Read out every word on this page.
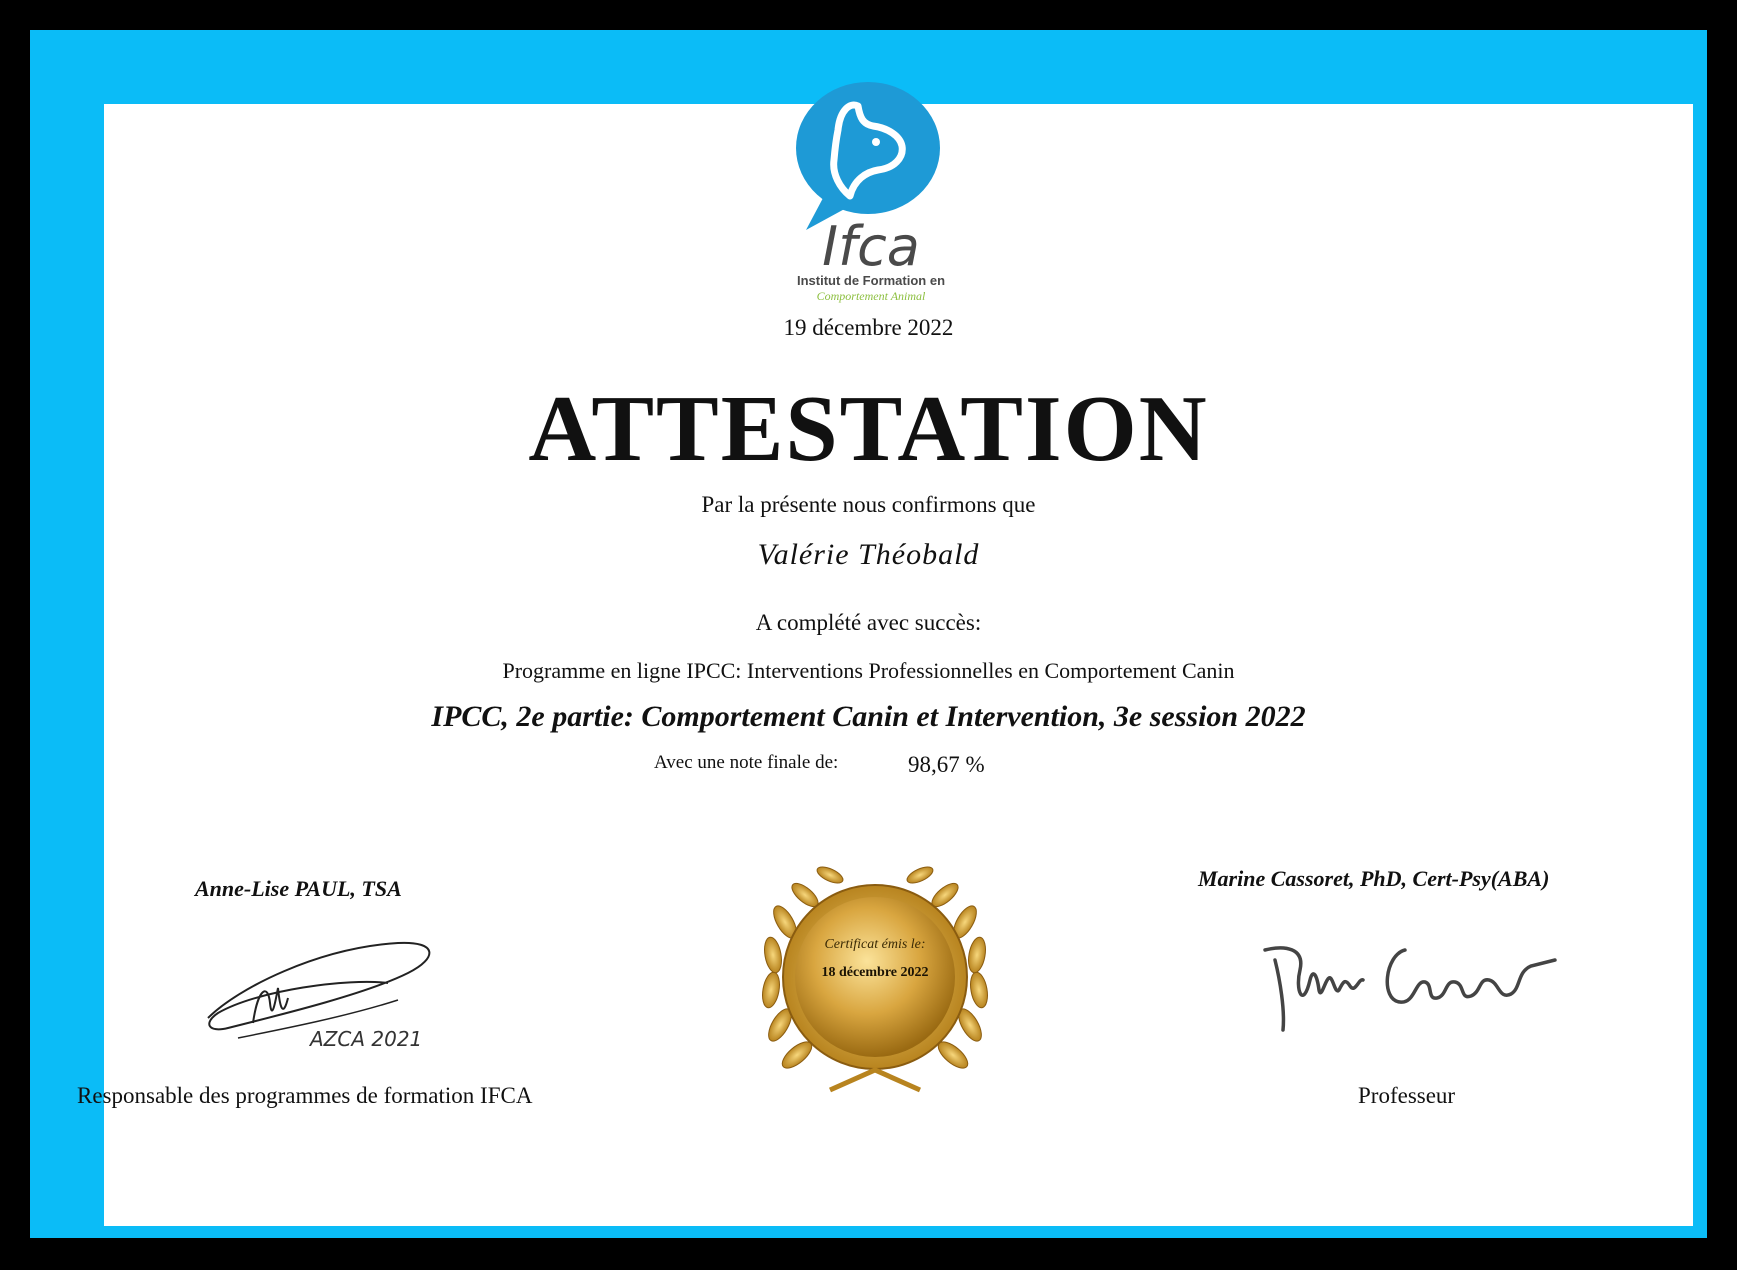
Ifca
Institut de Formation en
Comportement Animal
19 décembre 2022
ATTESTATION
Par la présente nous confirmons que
Valérie Théobald
A complété avec succès:
Programme en ligne IPCC: Interventions Professionnelles en Comportement Canin
IPCC, 2e partie: Comportement Canin et Intervention, 3e session 2022
Avec une note finale de:	98,67 %
Anne-Lise PAUL, TSA
AZCA 2021
Responsable des programmes de formation IFCA
Certificat émis le:
18 décembre 2022
Marine Cassoret, PhD, Cert-Psy(ABA)
Professeur
